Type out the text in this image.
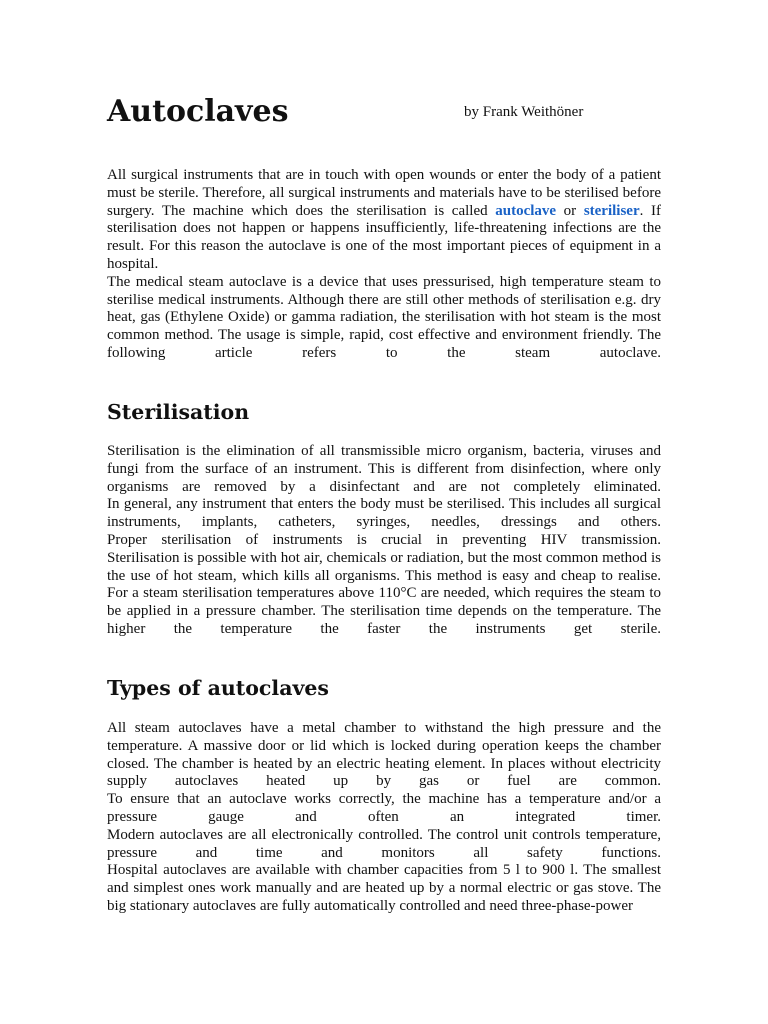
Autoclaves	by Frank Weithöner

All surgical instruments that are in touch with open wounds or enter the body of a patient must be sterile. Therefore, all surgical instruments and materials have to be sterilised before surgery. The machine which does the sterilisation is called autoclave or steriliser. If sterilisation does not happen or happens insufficiently, life-threatening infections are the result. For this reason the autoclave is one of the most important pieces of equipment in a hospital.

The medical steam autoclave is a device that uses pressurised, high temperature steam to sterilise medical instruments. Although there are still other methods of sterilisation e.g. dry heat, gas (Ethylene Oxide) or gamma radiation, the sterilisation with hot steam is the most common method. The usage is simple, rapid, cost effective and environment friendly. The following article refers to the steam autoclave.

Sterilisation

Sterilisation is the elimination of all transmissible micro organism, bacteria, viruses and fungi from the surface of an instrument. This is different from disinfection, where only organisms are removed by a disinfectant and are not completely eliminated.

In general, any instrument that enters the body must be sterilised. This includes all surgical instruments, implants, catheters, syringes, needles, dressings and others.

Proper sterilisation of instruments is crucial in preventing HIV transmission.

Sterilisation is possible with hot air, chemicals or radiation, but the most common method is the use of hot steam, which kills all organisms. This method is easy and cheap to realise. For a steam sterilisation temperatures above 110°C are needed, which requires the steam to be applied in a pressure chamber. The sterilisation time depends on the temperature. The higher the temperature the faster the instruments get sterile.

Types of autoclaves

All steam autoclaves have a metal chamber to withstand the high pressure and the temperature. A massive door or lid which is locked during operation keeps the chamber closed. The chamber is heated by an electric heating element. In places without electricity supply autoclaves heated up by gas or fuel are common.

To ensure that an autoclave works correctly, the machine has a temperature and/or a pressure gauge and often an integrated timer.

Modern autoclaves are all electronically controlled. The control unit controls temperature, pressure and time and monitors all safety functions.

Hospital autoclaves are available with chamber capacities from 5 l to 900 l. The smallest and simplest ones work manually and are heated up by a normal electric or gas stove. The big stationary autoclaves are fully automatically controlled and need three-phase-power
